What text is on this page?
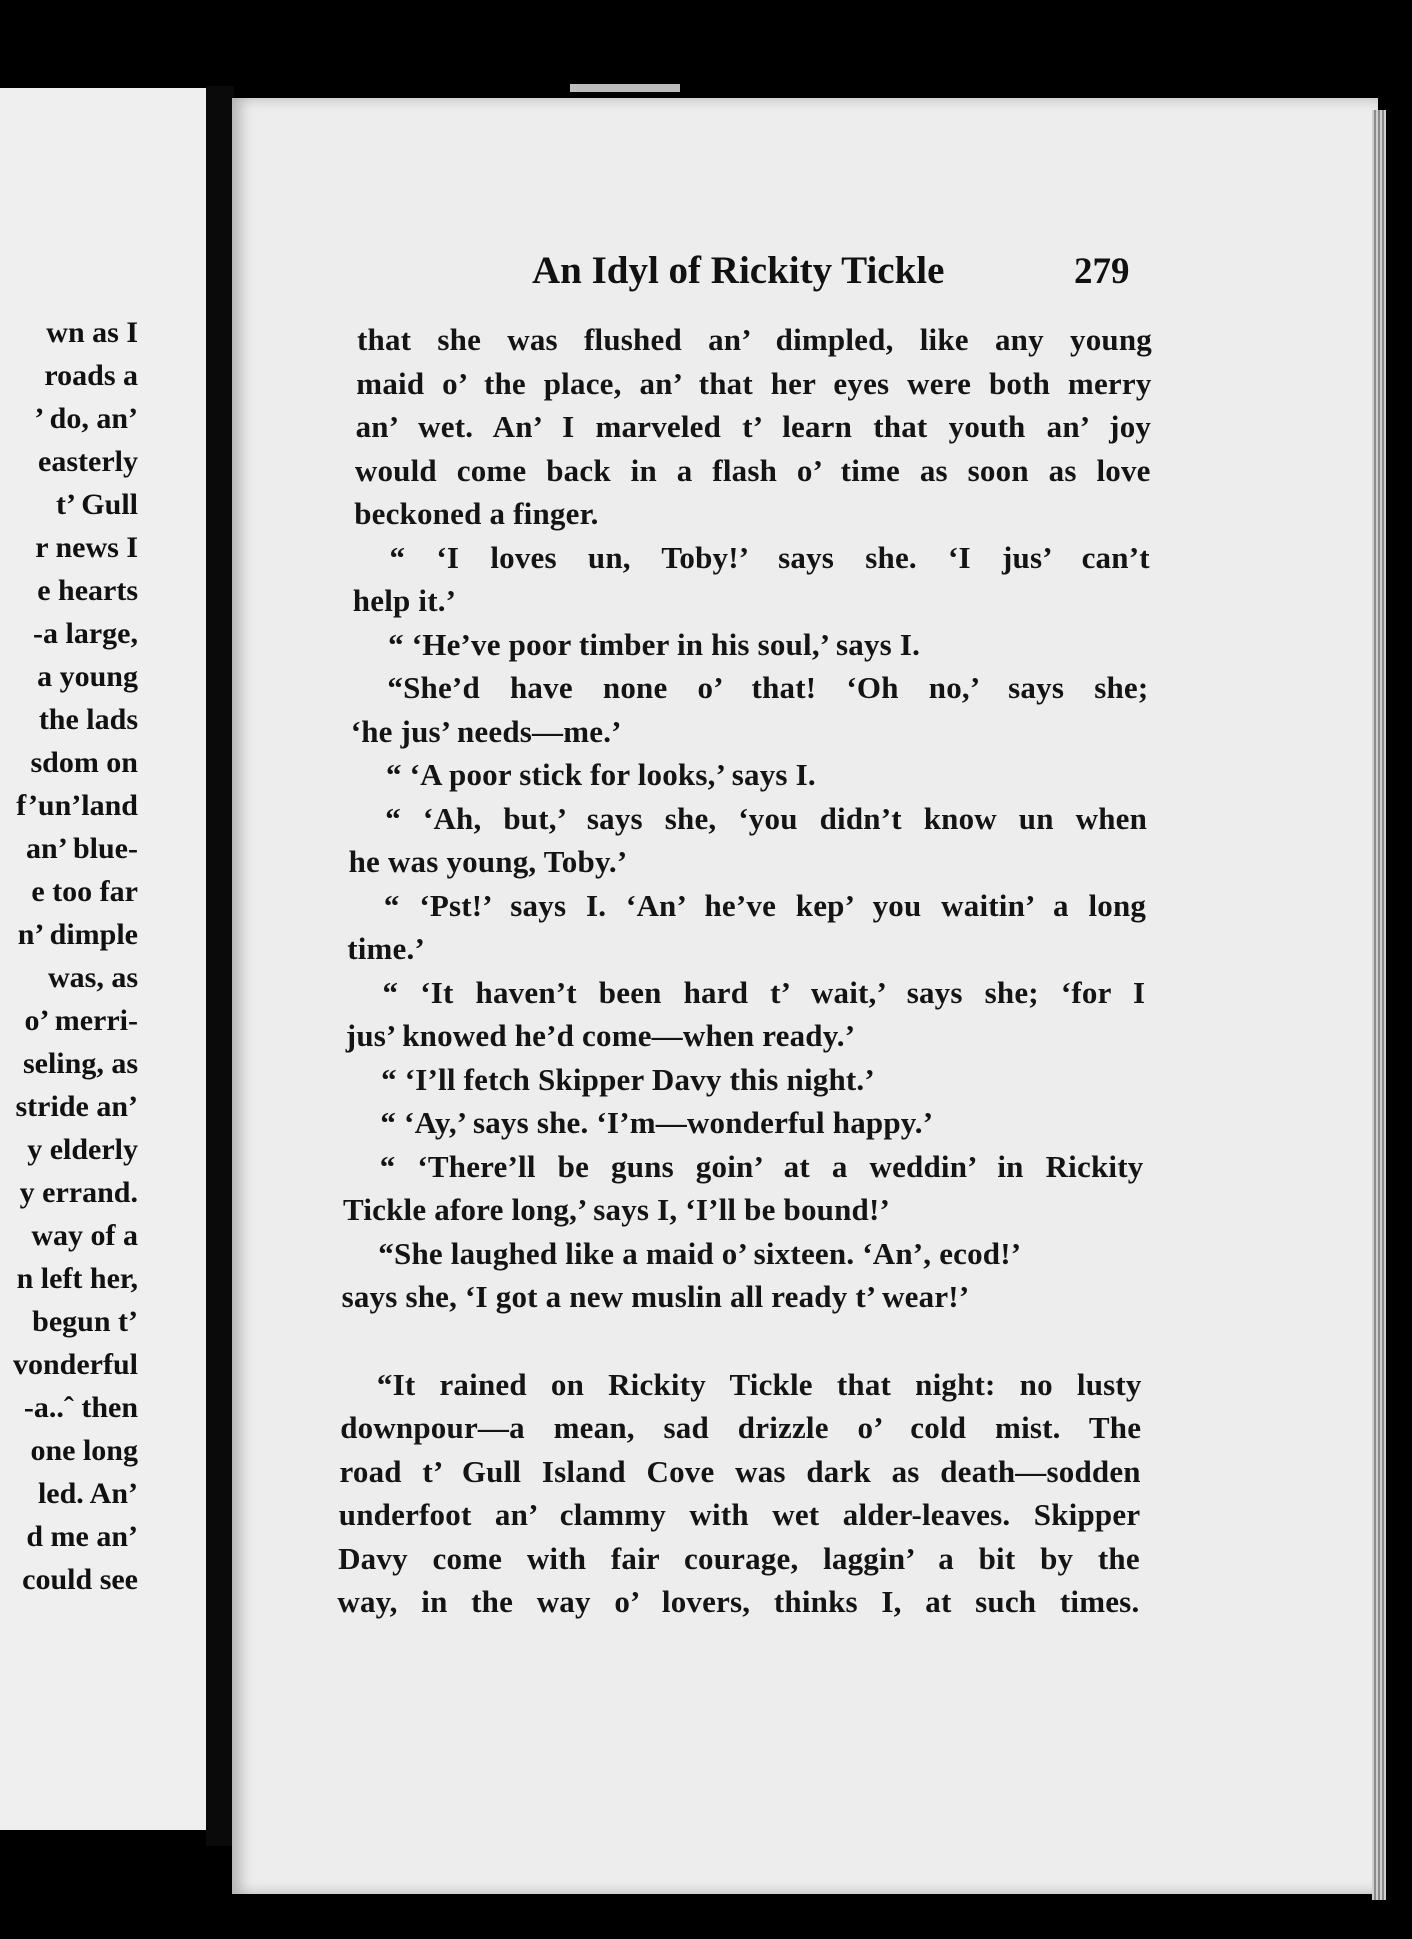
wn as I
roads a
’ do, an’
easterly
t’ Gull
r news I
e hearts
-a large,
a young
the lads
sdom on
f’un’land
an’ blue-
e too far
n’ dimple
was, as
o’ merri-
seling, as
stride an’
y elderly
y errand.
way of a
n left her,
begun t’
vonderful
-a..ˆ then
one long
led. An’
d me an’
could see
An Idyl of Rickity Tickle	279
that she was flushed an’ dimpled, like any young
maid o’ the place, an’ that her eyes were both merry
an’ wet. An’ I marveled t’ learn that youth an’ joy
would come back in a flash o’ time as soon as love
beckoned a finger.
“ ‘I loves un, Toby!’ says she. ‘I jus’ can’t
help it.’
“ ‘He’ve poor timber in his soul,’ says I.
“She’d have none o’ that! ‘Oh no,’ says she;
‘he jus’ needs—me.’
“ ‘A poor stick for looks,’ says I.
“ ‘Ah, but,’ says she, ‘you didn’t know un when
he was young, Toby.’
“ ‘Pst!’ says I. ‘An’ he’ve kep’ you waitin’ a long
time.’
“ ‘It haven’t been hard t’ wait,’ says she; ‘for I
jus’ knowed he’d come—when ready.’
“ ‘I’ll fetch Skipper Davy this night.’
“ ‘Ay,’ says she. ‘I’m—wonderful happy.’
“ ‘There’ll be guns goin’ at a weddin’ in Rickity
Tickle afore long,’ says I, ‘I’ll be bound!’
“She laughed like a maid o’ sixteen. ‘An’, ecod!’
says she, ‘I got a new muslin all ready t’ wear!’
“It rained on Rickity Tickle that night: no lusty
downpour—a mean, sad drizzle o’ cold mist. The
road t’ Gull Island Cove was dark as death—sodden
underfoot an’ clammy with wet alder-leaves. Skipper
Davy come with fair courage, laggin’ a bit by the
way, in the way o’ lovers, thinks I, at such times.
